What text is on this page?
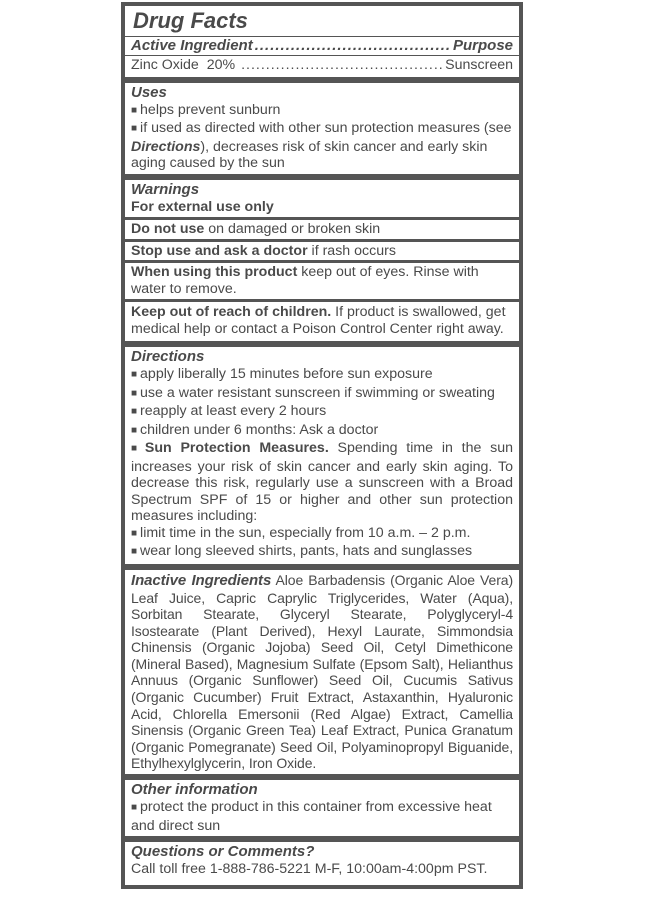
Drug Facts
Active Ingredient .....	Purpose
Zinc Oxide  20% .....	Sunscreen
Uses
■ helps prevent sunburn
■ if used as directed with other sun protection measures (see Directions), decreases risk of skin cancer and early skin aging caused by the sun
Warnings
For external use only
Do not use on damaged or broken skin
Stop use and ask a doctor if rash occurs
When using this product keep out of eyes. Rinse with water to remove.
Keep out of reach of children. If product is swallowed, get medical help or contact a Poison Control Center right away.
Directions
■ apply liberally 15 minutes before sun exposure
■ use a water resistant sunscreen if swimming or sweating
■ reapply at least every 2 hours
■ children under 6 months: Ask a doctor
■ Sun Protection Measures. Spending time in the sun increases your risk of skin cancer and early skin aging. To decrease this risk, regularly use a sunscreen with a Broad Spectrum SPF of 15 or higher and other sun protection measures including:
■ limit time in the sun, especially from 10 a.m. – 2 p.m.
■ wear long sleeved shirts, pants, hats and sunglasses
Inactive Ingredients Aloe Barbadensis (Organic Aloe Vera) Leaf Juice, Capric Caprylic Triglycerides, Water (Aqua), Sorbitan Stearate, Glyceryl Stearate, Polyglyceryl-4 Isostearate (Plant Derived), Hexyl Laurate, Simmondsia Chinensis (Organic Jojoba) Seed Oil, Cetyl Dimethicone (Mineral Based), Magnesium Sulfate (Epsom Salt), Helianthus Annuus (Organic Sunflower) Seed Oil, Cucumis Sativus (Organic Cucumber) Fruit Extract, Astaxanthin, Hyaluronic Acid, Chlorella Emersonii (Red Algae) Extract, Camellia Sinensis (Organic Green Tea) Leaf Extract, Punica Granatum (Organic Pomegranate) Seed Oil, Polyaminopropyl Biguanide, Ethylhexylglycerin, Iron Oxide.
Other information
■ protect the product in this container from excessive heat and direct sun
Questions or Comments?
Call toll free 1-888-786-5221 M-F, 10:00am-4:00pm PST.
